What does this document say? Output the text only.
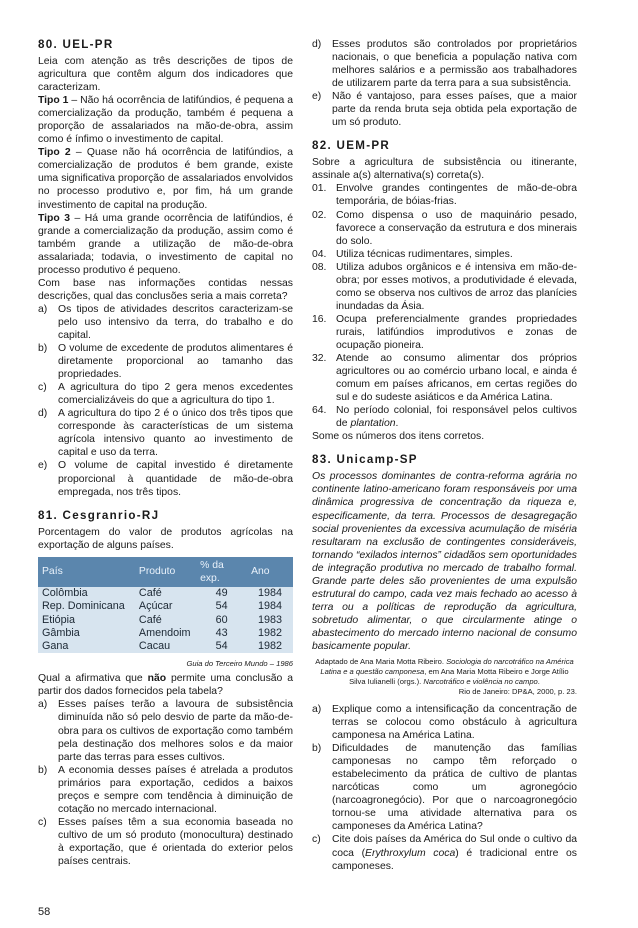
80. UEL-PR

Leia com atenção as três descrições de tipos de agricultura que contêm algum dos indicadores que caracterizam.

Tipo 1 – Não há ocorrência de latifúndios, é pequena a comercialização da produção, também é pequena a proporção de assalariados na mão-de-obra, assim como é ínfimo o investimento de capital.

Tipo 2 – Quase não há ocorrência de latifúndios, a comercialização de produtos é bem grande, existe uma significativa proporção de assalariados envolvidos no processo produtivo e, por fim, há um grande investimento de capital na produção.

Tipo 3 – Há uma grande ocorrência de latifúndios, é grande a comercialização da produção, assim como é também grande a utilização de mão-de-obra assalariada; todavia, o investimento de capital no processo produtivo é pequeno.

Com base nas informações contidas nessas descrições, qual das conclusões seria a mais correta?

a)	Os tipos de atividades descritos caracterizam-se pelo uso intensivo da terra, do trabalho e do capital.
b)	O volume de excedente de produtos alimentares é diretamente proporcional ao tamanho das propriedades.
c)	A agricultura do tipo 2 gera menos excedentes comercializáveis do que a agricultura do tipo 1.
d)	A agricultura do tipo 2 é o único dos três tipos que corresponde às características de um sistema agrícola intensivo quanto ao investimento de capital e uso da terra.
e)	O volume de capital investido é diretamente proporcional à quantidade de mão-de-obra empregada, nos três tipos.
81. Cesgranrio-RJ

Porcentagem do valor de produtos agrícolas na exportação de alguns países.

País	Produto	% da exp.	Ano
Colômbia	Café	49	1984
Rep. Dominicana	Açúcar	54	1984
Etiópia	Café	60	1983
Gâmbia	Amendoim	43	1982
Gana	Cacau	54	1982
Guia do Terceiro Mundo – 1986

Qual a afirmativa que não permite uma conclusão a partir dos dados fornecidos pela tabela?

a)	Esses países terão a lavoura de subsistência diminuída não só pelo desvio de parte da mão-de-obra para os cultivos de exportação como também pela destinação dos melhores solos e da maior parte das terras para esses cultivos.
b)	A economia desses países é atrelada a produtos primários para exportação, cedidos a baixos preços e sempre com tendência à diminuição de cotação no mercado internacional.
c)	Esses países têm a sua economia baseada no cultivo de um só produto (monocultura) destinado à exportação, que é orientada do exterior pelos países centrais.
d)	Esses produtos são controlados por proprietários nacionais, o que beneficia a população nativa com melhores salários e a permissão aos trabalhadores de utilizarem parte da terra para a sua subsistência.
e)	Não é vantajoso, para esses países, que a maior parte da renda bruta seja obtida pela exportação de um só produto.
82. UEM-PR

Sobre a agricultura de subsistência ou itinerante, assinale a(s) alternativa(s) correta(s).

01. Envolve grandes contingentes de mão-de-obra temporária, de bóias-frias.
02. Como dispensa o uso de maquinário pesado, favorece a conservação da estrutura e dos minerais do solo.
04. Utiliza técnicas rudimentares, simples.
08. Utiliza adubos orgânicos e é intensiva em mão-de-obra; por esses motivos, a produtividade é elevada, como se observa nos cultivos de arroz das planícies inundadas da Ásia.
16. Ocupa preferencialmente grandes propriedades rurais, latifúndios improdutivos e zonas de ocupação pioneira.
32. Atende ao consumo alimentar dos próprios agricultores ou ao comércio urbano local, e ainda é comum em países africanos, em certas regiões do sul e do sudeste asiáticos e da América Latina.
64. No período colonial, foi responsável pelos cultivos de plantation.

Some os números dos itens corretos.

83. Unicamp-SP

Os processos dominantes de contra-reforma agrária no continente latino-americano foram responsáveis por uma dinâmica progressiva de concentração da riqueza e, especificamente, da terra. Processos de desagregação social provenientes da excessiva acumulação de miséria resultaram na exclusão de contingentes consideráveis, tornando “exilados internos” cidadãos sem oportunidades de integração produtiva no mercado de trabalho formal. Grande parte deles são provenientes de uma expulsão estrutural do campo, cada vez mais fechado ao acesso à terra ou a políticas de reprodução da agricultura, sobretudo alimentar, o que circularmente atinge o abastecimento do mercado interno nacional de consumo basicamente popular.

Adaptado de Ana Maria Motta Ribeiro. Sociologia do narcotráfico na América Latina e a questão camponesa, em Ana Maria Motta Ribeiro e Jorge Atílio Silva Iulianelli (orgs.). Narcotráfico e violência no campo.
Rio de Janeiro: DP&A, 2000, p. 23.
a)	Explique como a intensificação da concentração de terras se colocou como obstáculo à agricultura camponesa na América Latina.
b)	Dificuldades de manutenção das famílias camponesas no campo têm reforçado o estabelecimento da prática de cultivo de plantas narcóticas como um agronegócio (narcoagronegócio). Por que o narcoagronegócio tornou-se uma atividade alternativa para os camponeses da América Latina?
c)	Cite dois países da América do Sul onde o cultivo da coca (Erythroxylum coca) é tradicional entre os camponeses.
58
